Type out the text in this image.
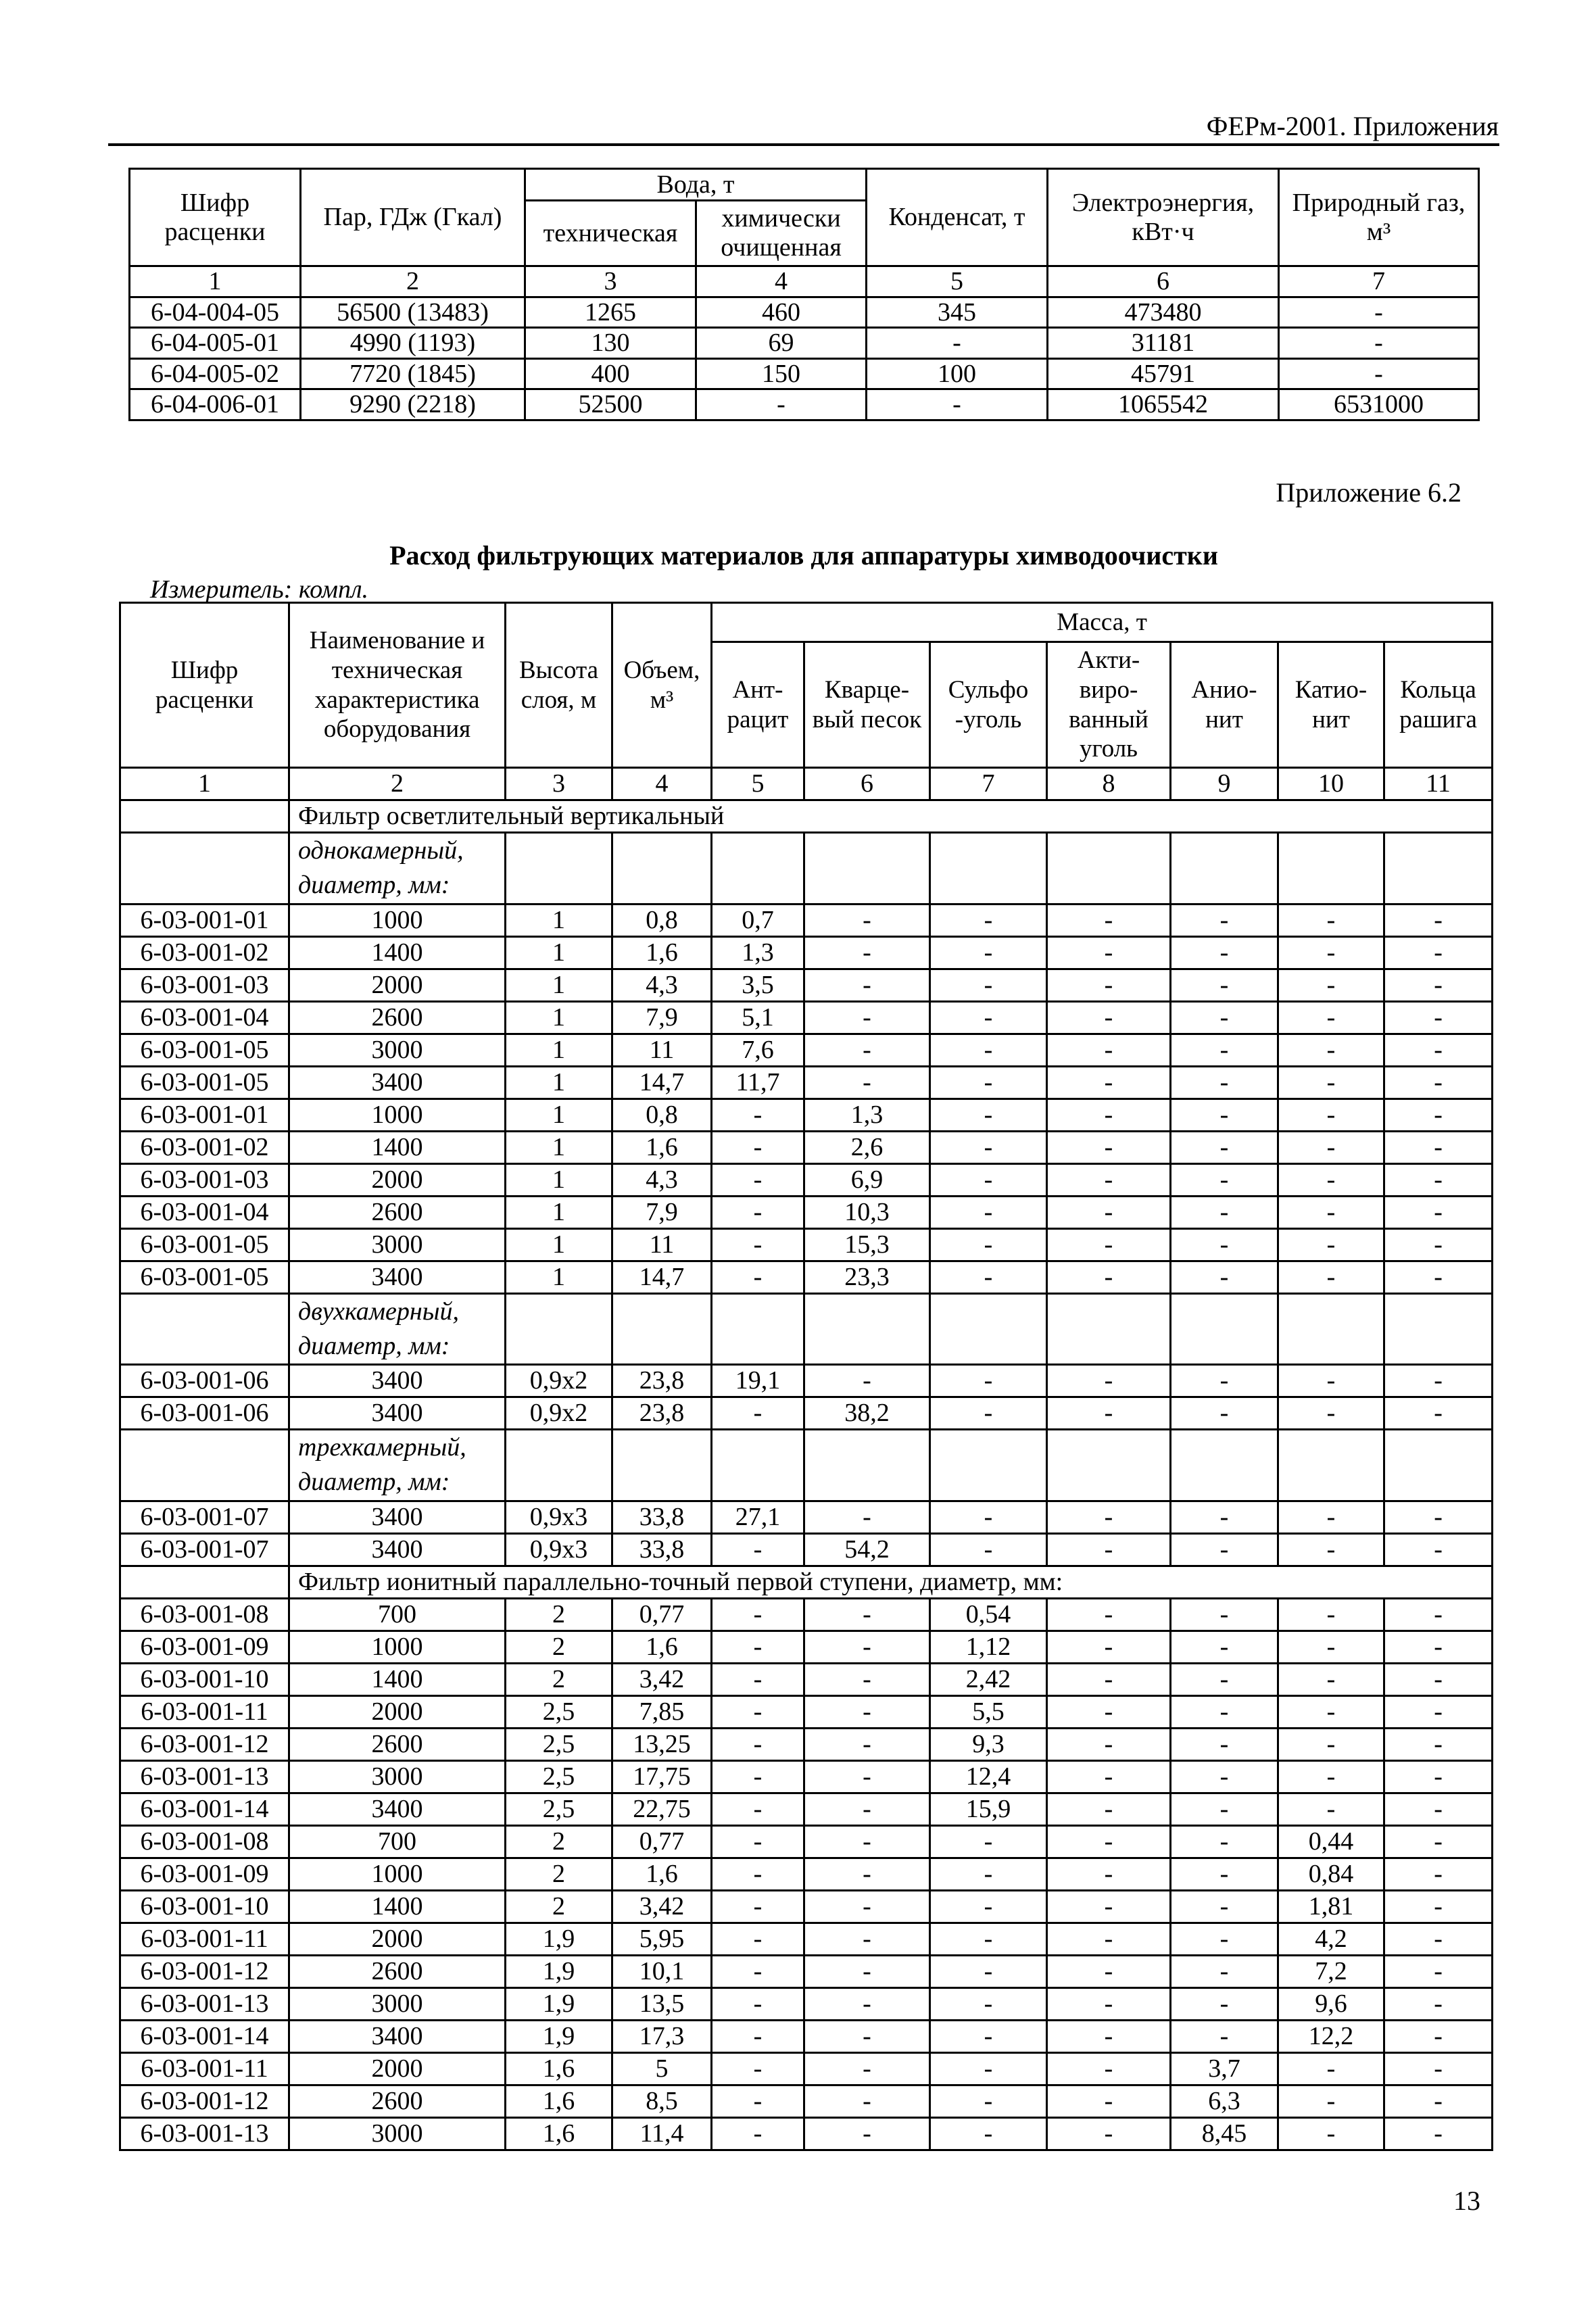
ФЕРм-2001. Приложения
Шифр расценки	Пар, ГДж (Гкал)	Вода, т		Конденсат, т	Электроэнергия, кВт·ч	Природный газ, м³
		техническая	химически очищенная			
1	2	3	4	5	6	7
6-04-004-05	56500 (13483)	1265	460	345	473480	-
6-04-005-01	4990 (1193)	130	69	-	31181	-
6-04-005-02	7720 (1845)	400	150	100	45791	-
6-04-006-01	9290 (2218)	52500	-	-	1065542	6531000
Приложение 6.2
Расход фильтрующих материалов для аппаратуры химводоочистки
Измеритель: компл.
Шифр расценки	Наименование и техническая характеристика оборудования	Высота слоя, м	Объем, м³	Масса, т						
				Ант- рацит	Кварце- вый песок	Сульфо -уголь	Акти- виро- ванный уголь	Анио- нит	Катио- нит	Кольца рашига
1	2	3	4	5	6	7	8	9	10	11
	Фильтр осветлительный вертикальный									
	однокамерный, диаметр, мм:									
6-03-001-01	1000	1	0,8	0,7	-	-	-	-	-	-
6-03-001-02	1400	1	1,6	1,3	-	-	-	-	-	-
6-03-001-03	2000	1	4,3	3,5	-	-	-	-	-	-
6-03-001-04	2600	1	7,9	5,1	-	-	-	-	-	-
6-03-001-05	3000	1	11	7,6	-	-	-	-	-	-
6-03-001-05	3400	1	14,7	11,7	-	-	-	-	-	-
6-03-001-01	1000	1	0,8	-	1,3	-	-	-	-	-
6-03-001-02	1400	1	1,6	-	2,6	-	-	-	-	-
6-03-001-03	2000	1	4,3	-	6,9	-	-	-	-	-
6-03-001-04	2600	1	7,9	-	10,3	-	-	-	-	-
6-03-001-05	3000	1	11	-	15,3	-	-	-	-	-
6-03-001-05	3400	1	14,7	-	23,3	-	-	-	-	-
	двухкамерный, диаметр, мм:									
6-03-001-06	3400	0,9x2	23,8	19,1	-	-	-	-	-	-
6-03-001-06	3400	0,9x2	23,8	-	38,2	-	-	-	-	-
	трехкамерный, диаметр, мм:									
6-03-001-07	3400	0,9x3	33,8	27,1	-	-	-	-	-	-
6-03-001-07	3400	0,9x3	33,8	-	54,2	-	-	-	-	-
	Фильтр ионитный параллельно-точный первой ступени, диаметр, мм:									
6-03-001-08	700	2	0,77	-	-	0,54	-	-	-	-
6-03-001-09	1000	2	1,6	-	-	1,12	-	-	-	-
6-03-001-10	1400	2	3,42	-	-	2,42	-	-	-	-
6-03-001-11	2000	2,5	7,85	-	-	5,5	-	-	-	-
6-03-001-12	2600	2,5	13,25	-	-	9,3	-	-	-	-
6-03-001-13	3000	2,5	17,75	-	-	12,4	-	-	-	-
6-03-001-14	3400	2,5	22,75	-	-	15,9	-	-	-	-
6-03-001-08	700	2	0,77	-	-	-	-	-	0,44	-
6-03-001-09	1000	2	1,6	-	-	-	-	-	0,84	-
6-03-001-10	1400	2	3,42	-	-	-	-	-	1,81	-
6-03-001-11	2000	1,9	5,95	-	-	-	-	-	4,2	-
6-03-001-12	2600	1,9	10,1	-	-	-	-	-	7,2	-
6-03-001-13	3000	1,9	13,5	-	-	-	-	-	9,6	-
6-03-001-14	3400	1,9	17,3	-	-	-	-	-	12,2	-
6-03-001-11	2000	1,6	5	-	-	-	-	3,7	-	-
6-03-001-12	2600	1,6	8,5	-	-	-	-	6,3	-	-
6-03-001-13	3000	1,6	11,4	-	-	-	-	8,45	-	-
13
